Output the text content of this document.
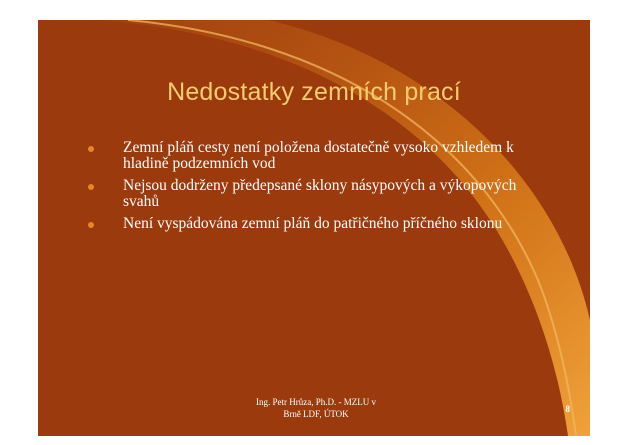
Nedostatky zemních prací
Zemní pláň cesty není položena dostatečně vysoko vzhledem k hladině podzemních vod
Nejsou dodrženy předepsané sklony násypových a výkopových svahů
Není vyspádována zemní pláň do patřičného příčného sklonu
Ing. Petr Hrůza, Ph.D. - MZLU v
Brně LDF, ÚTOK	8
